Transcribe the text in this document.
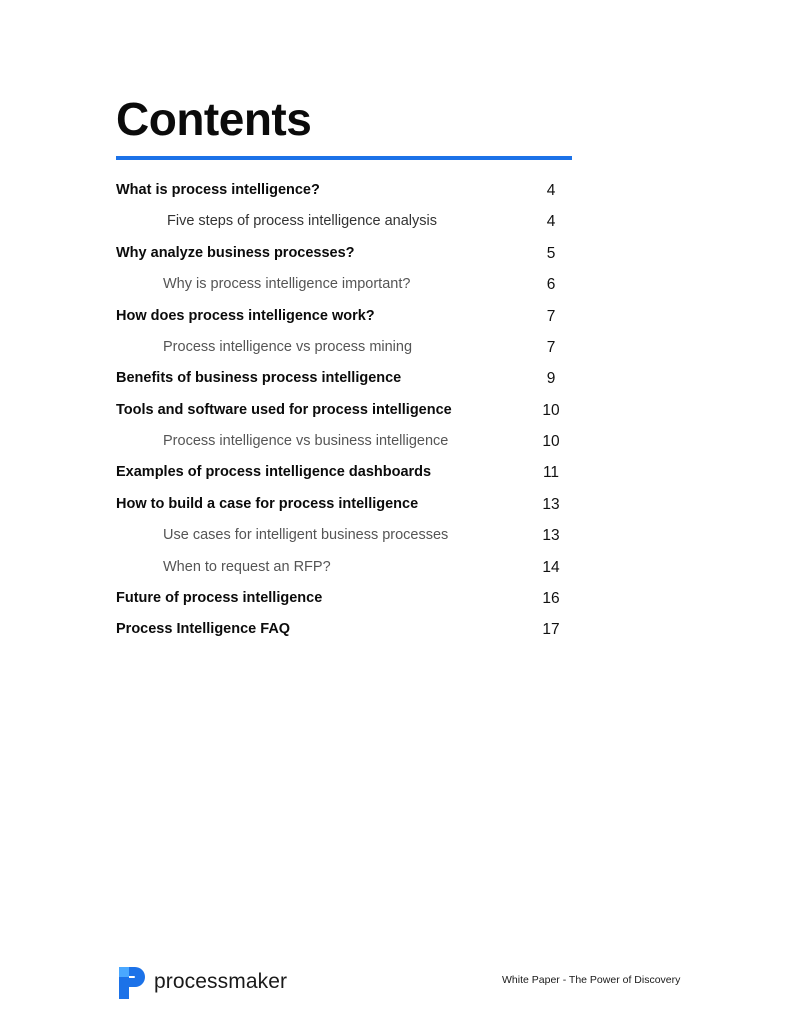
Contents
What is process intelligence?	4
Five steps of process intelligence analysis	4
Why analyze business processes?	5
Why is process intelligence important?	6
How does process intelligence work?	7
Process intelligence vs process mining	7
Benefits of business process intelligence	9
Tools and software used for process intelligence	10
Process intelligence vs business intelligence	10
Examples of process intelligence dashboards	11
How to build a case for process intelligence	13
Use cases for intelligent business processes	13
When to request an RFP?	14
Future of process intelligence	16
Process Intelligence FAQ	17
processmaker	White Paper - The Power of Discovery
